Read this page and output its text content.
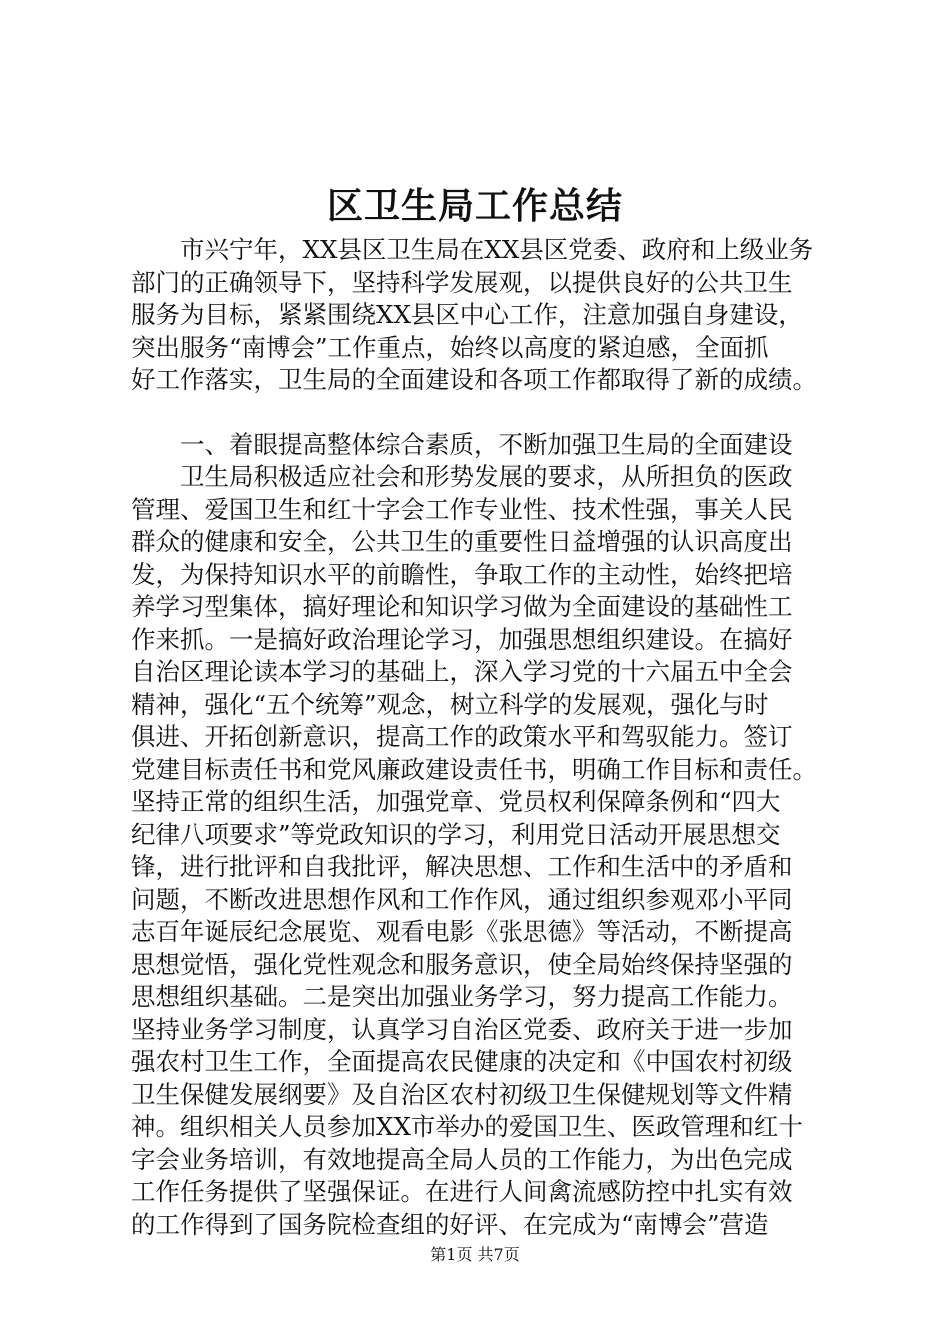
区卫生局工作总结
　　市兴宁年，XX县区卫生局在XX县区党委、政府和上级业务
部门的正确领导下，坚持科学发展观，以提供良好的公共卫生
服务为目标，紧紧围绕XX县区中心工作，注意加强自身建设，
突出服务“南博会”工作重点，始终以高度的紧迫感，全面抓
好工作落实，卫生局的全面建设和各项工作都取得了新的成绩。
　　一、着眼提高整体综合素质，不断加强卫生局的全面建设
　　卫生局积极适应社会和形势发展的要求，从所担负的医政
管理、爱国卫生和红十字会工作专业性、技术性强，事关人民
群众的健康和安全，公共卫生的重要性日益增强的认识高度出
发，为保持知识水平的前瞻性，争取工作的主动性，始终把培
养学习型集体，搞好理论和知识学习做为全面建设的基础性工
作来抓。一是搞好政治理论学习，加强思想组织建设。在搞好
自治区理论读本学习的基础上，深入学习党的十六届五中全会
精神，强化“五个统筹”观念，树立科学的发展观，强化与时
俱进、开拓创新意识，提高工作的政策水平和驾驭能力。签订
党建目标责任书和党风廉政建设责任书，明确工作目标和责任。
坚持正常的组织生活，加强党章、党员权利保障条例和“四大
纪律八项要求”等党政知识的学习，利用党日活动开展思想交
锋，进行批评和自我批评，解决思想、工作和生活中的矛盾和
问题，不断改进思想作风和工作作风，通过组织参观邓小平同
志百年诞辰纪念展览、观看电影《张思德》等活动，不断提高
思想觉悟，强化党性观念和服务意识，使全局始终保持坚强的
思想组织基础。二是突出加强业务学习，努力提高工作能力。
坚持业务学习制度，认真学习自治区党委、政府关于进一步加
强农村卫生工作，全面提高农民健康的决定和《中国农村初级
卫生保健发展纲要》及自治区农村初级卫生保健规划等文件精
神。组织相关人员参加XX市举办的爱国卫生、医政管理和红十
字会业务培训，有效地提高全局人员的工作能力，为出色完成
工作任务提供了坚强保证。在进行人间禽流感防控中扎实有效
的工作得到了国务院检查组的好评、在完成为“南博会”营造
第1页 共7页
